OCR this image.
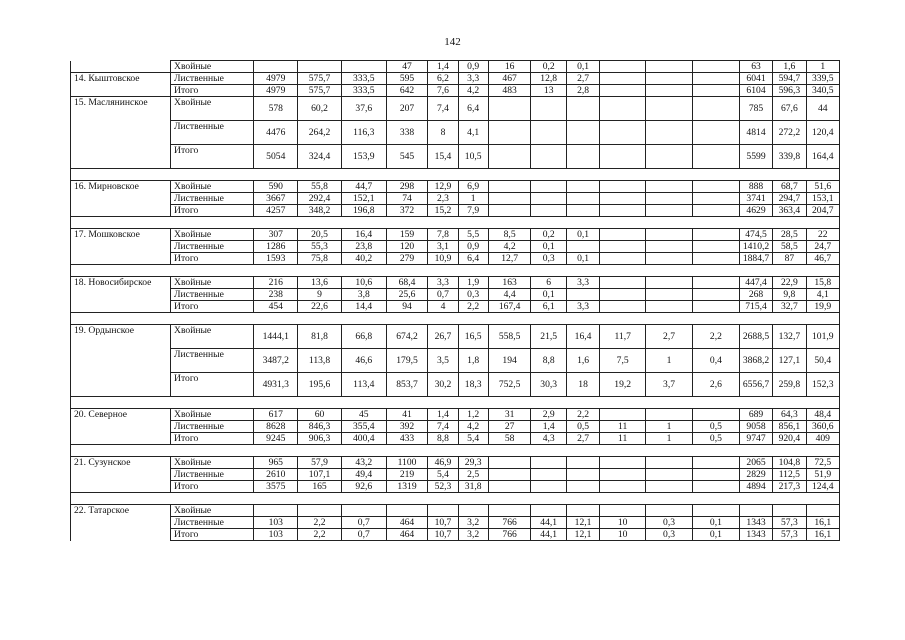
142
	Хвойные				47	1,4	0,9	16	0,2	0,1				63	1,6	1
14. Кыштовское	Лиственные	4979	575,7	333,5	595	6,2	3,3	467	12,8	2,7				6041	594,7	339,5
	Итого	4979	575,7	333,5	642	7,6	4,2	483	13	2,8				6104	596,3	340,5
15. Маслянинское	Хвойные	578	60,2	37,6	207	7,4	6,4							785	67,6	44
	Лиственные	4476	264,2	116,3	338	8	4,1							4814	272,2	120,4
	Итого	5054	324,4	153,9	545	15,4	10,5							5599	339,8	164,4

16. Мирновское	Хвойные	590	55,8	44,7	298	12,9	6,9							888	68,7	51,6
	Лиственные	3667	292,4	152,1	74	2,3	1							3741	294,7	153,1
	Итого	4257	348,2	196,8	372	15,2	7,9							4629	363,4	204,7

17. Мошковское	Хвойные	307	20,5	16,4	159	7,8	5,5	8,5	0,2	0,1				474,5	28,5	22
	Лиственные	1286	55,3	23,8	120	3,1	0,9	4,2	0,1					1410,2	58,5	24,7
	Итого	1593	75,8	40,2	279	10,9	6,4	12,7	0,3	0,1				1884,7	87	46,7

18. Новосибирское	Хвойные	216	13,6	10,6	68,4	3,3	1,9	163	6	3,3				447,4	22,9	15,8
	Лиственные	238	9	3,8	25,6	0,7	0,3	4,4	0,1					268	9,8	4,1
	Итого	454	22,6	14,4	94	4	2,2	167,4	6,1	3,3				715,4	32,7	19,9

19. Ордынское	Хвойные	1444,1	81,8	66,8	674,2	26,7	16,5	558,5	21,5	16,4	11,7	2,7	2,2	2688,5	132,7	101,9
	Лиственные	3487,2	113,8	46,6	179,5	3,5	1,8	194	8,8	1,6	7,5	1	0,4	3868,2	127,1	50,4
	Итого	4931,3	195,6	113,4	853,7	30,2	18,3	752,5	30,3	18	19,2	3,7	2,6	6556,7	259,8	152,3

20. Северное	Хвойные	617	60	45	41	1,4	1,2	31	2,9	2,2				689	64,3	48,4
	Лиственные	8628	846,3	355,4	392	7,4	4,2	27	1,4	0,5	11	1	0,5	9058	856,1	360,6
	Итого	9245	906,3	400,4	433	8,8	5,4	58	4,3	2,7	11	1	0,5	9747	920,4	409

21. Сузунское	Хвойные	965	57,9	43,2	1100	46,9	29,3							2065	104,8	72,5
	Лиственные	2610	107,1	49,4	219	5,4	2,5							2829	112,5	51,9
	Итого	3575	165	92,6	1319	52,3	31,8							4894	217,3	124,4

22. Татарское	Хвойные															
	Лиственные	103	2,2	0,7	464	10,7	3,2	766	44,1	12,1	10	0,3	0,1	1343	57,3	16,1
	Итого	103	2,2	0,7	464	10,7	3,2	766	44,1	12,1	10	0,3	0,1	1343	57,3	16,1
